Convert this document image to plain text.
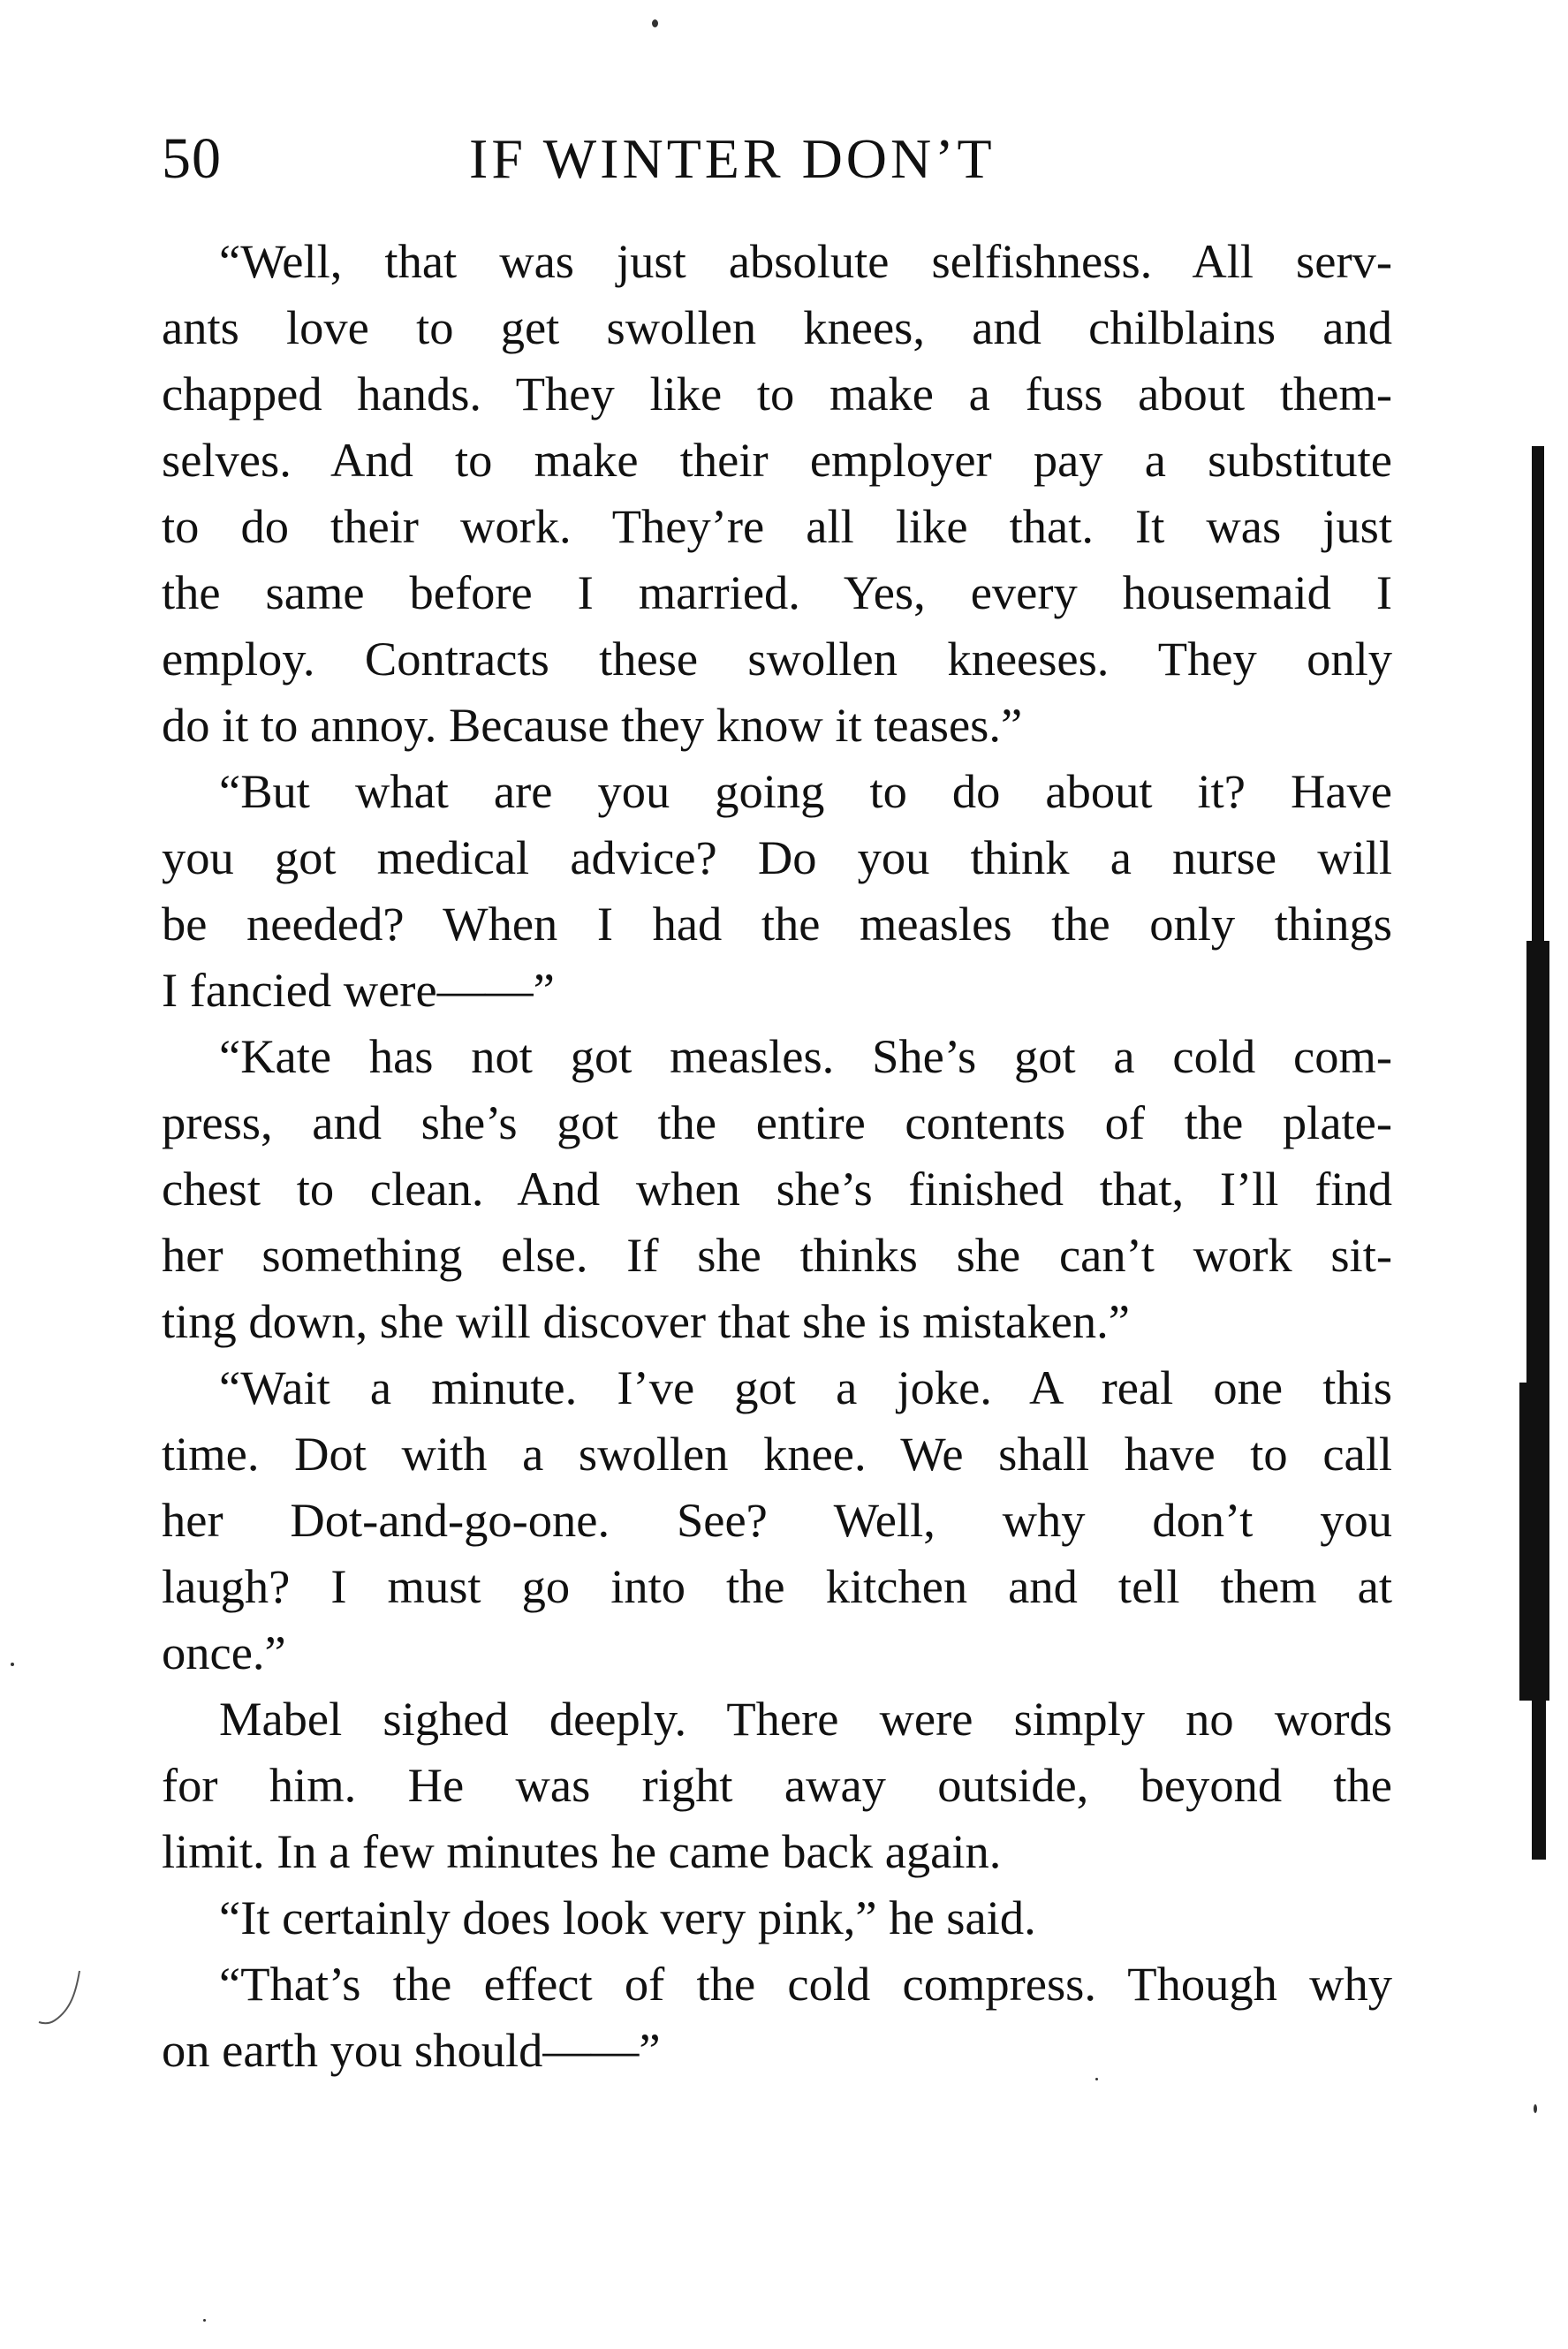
50	IF WINTER DON’T

“Well, that was just absolute selfishness. All serv-
ants love to get swollen knees, and chilblains and
chapped hands. They like to make a fuss about them-
selves. And to make their employer pay a substitute
to do their work. They’re all like that. It was just
the same before I married. Yes, every housemaid I
employ. Contracts these swollen kneeses. They only
do it to annoy. Because they know it teases.”

“But what are you going to do about it? Have
you got medical advice? Do you think a nurse will
be needed? When I had the measles the only things
I fancied were——”

“Kate has not got measles. She’s got a cold com-
press, and she’s got the entire contents of the plate-
chest to clean. And when she’s finished that, I’ll find
her something else. If she thinks she can’t work sit-
ting down, she will discover that she is mistaken.”

“Wait a minute. I’ve got a joke. A real one this
time. Dot with a swollen knee. We shall have to call
her Dot-and-go-one. See? Well, why don’t you
laugh? I must go into the kitchen and tell them at
once.”

Mabel sighed deeply. There were simply no words
for him. He was right away outside, beyond the
limit. In a few minutes he came back again.

“It certainly does look very pink,” he said.

“That’s the effect of the cold compress. Though why
on earth you should——”
